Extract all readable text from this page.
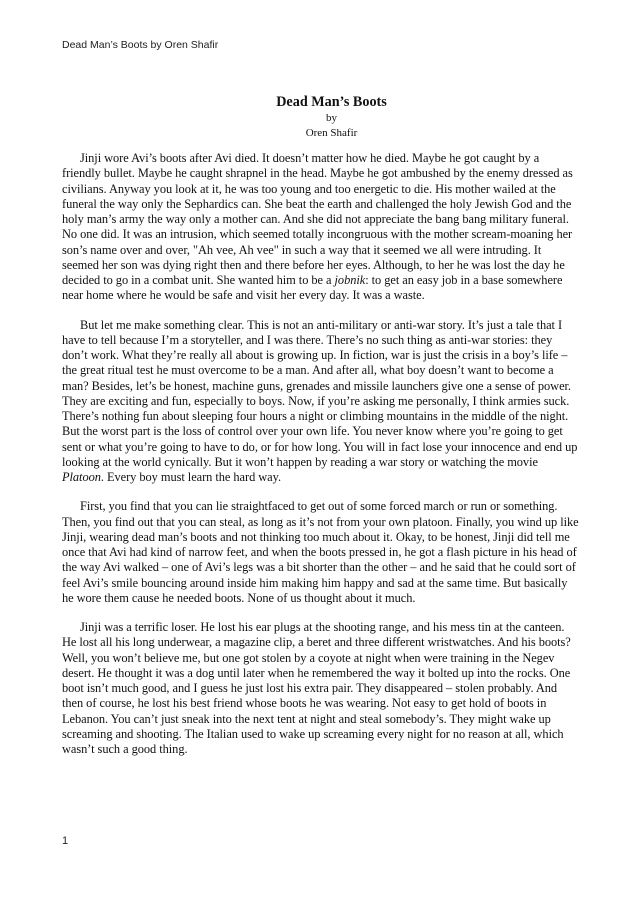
Dead Man’s Boots by Oren Shafir
Dead Man’s Boots
by
Oren Shafir

Jinji wore Avi’s boots after Avi died. It doesn’t matter how he died. Maybe he got caught by a friendly bullet. Maybe he caught shrapnel in the head. Maybe he got ambushed by the enemy dressed as civilians. Anyway you look at it, he was too young and too energetic to die. His mother wailed at the funeral the way only the Sephardics can. She beat the earth and challenged the holy Jewish God and the holy man’s army the way only a mother can. And she did not appreciate the bang bang military funeral. No one did. It was an intrusion, which seemed totally incongruous with the mother scream-moaning her son’s name over and over, "Ah vee, Ah vee" in such a way that it seemed we all were intruding. It seemed her son was dying right then and there before her eyes. Although, to her he was lost the day he decided to go in a combat unit. She wanted him to be a jobnik: to get an easy job in a base somewhere near home where he would be safe and visit her every day. It was a waste.

But let me make something clear. This is not an anti-military or anti-war story. It’s just a tale that I have to tell because I’m a storyteller, and I was there. There’s no such thing as anti-war stories: they don’t work. What they’re really all about is growing up. In fiction, war is just the crisis in a boy’s life – the great ritual test he must overcome to be a man. And after all, what boy doesn’t want to become a man? Besides, let’s be honest, machine guns, grenades and missile launchers give one a sense of power. They are exciting and fun, especially to boys. Now, if you’re asking me personally, I think armies suck. There’s nothing fun about sleeping four hours a night or climbing mountains in the middle of the night. But the worst part is the loss of control over your own life. You never know where you’re going to get sent or what you’re going to have to do, or for how long. You will in fact lose your innocence and end up looking at the world cynically. But it won’t happen by reading a war story or watching the movie Platoon. Every boy must learn the hard way.

First, you find that you can lie straightfaced to get out of some forced march or run or something. Then, you find out that you can steal, as long as it’s not from your own platoon. Finally, you wind up like Jinji, wearing dead man’s boots and not thinking too much about it. Okay, to be honest, Jinji did tell me once that Avi had kind of narrow feet, and when the boots pressed in, he got a flash picture in his head of the way Avi walked – one of Avi’s legs was a bit shorter than the other – and he said that he could sort of feel Avi’s smile bouncing around inside him making him happy and sad at the same time. But basically he wore them cause he needed boots. None of us thought about it much.

Jinji was a terrific loser. He lost his ear plugs at the shooting range, and his mess tin at the canteen. He lost all his long underwear, a magazine clip, a beret and three different wristwatches. And his boots? Well, you won’t believe me, but one got stolen by a coyote at night when were training in the Negev desert. He thought it was a dog until later when he remembered the way it bolted up into the rocks. One boot isn’t much good, and I guess he just lost his extra pair. They disappeared – stolen probably. And then of course, he lost his best friend whose boots he was wearing. Not easy to get hold of boots in Lebanon. You can’t just sneak into the next tent at night and steal somebody’s. They might wake up screaming and shooting. The Italian used to wake up screaming every night for no reason at all, which wasn’t such a good thing.

1
